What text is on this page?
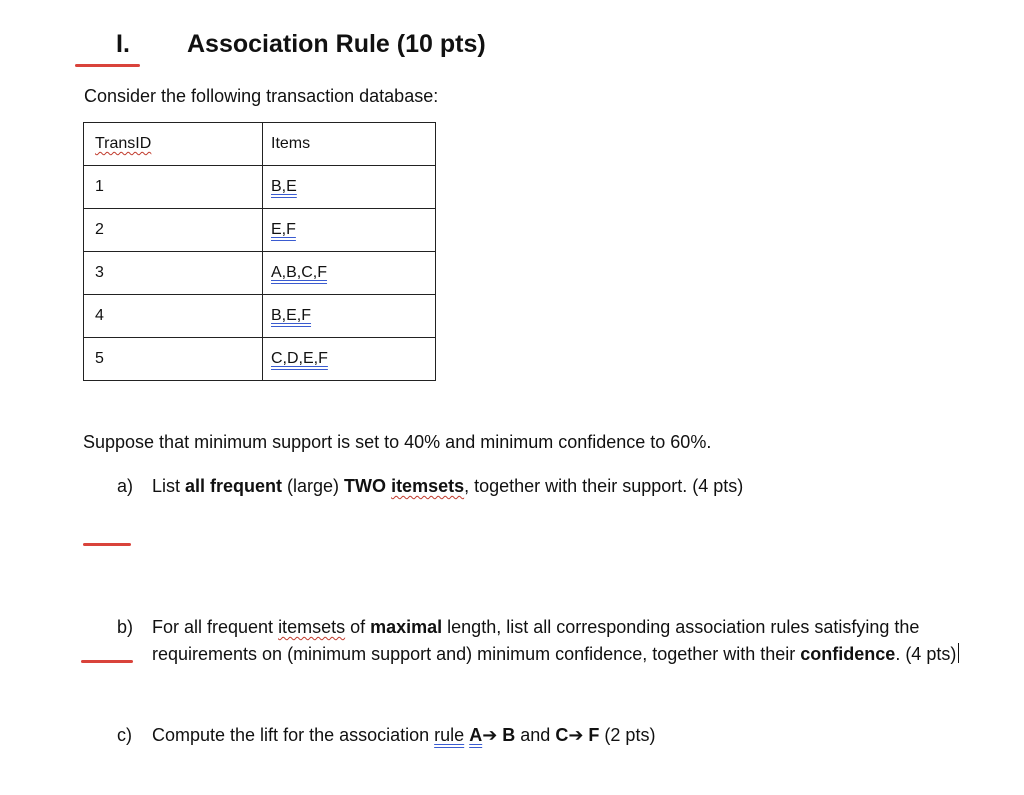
I. Association Rule (10 pts)
Consider the following transaction database:
TransID	Items
1	B,E
2	E,F
3	A,B,C,F
4	B,E,F
5	C,D,E,F
Suppose that minimum support is set to 40% and minimum confidence to 60%.
a) List all frequent (large) TWO itemsets, together with their support. (4 pts)
b) For all frequent itemsets of maximal length, list all corresponding association rules satisfying the requirements on (minimum support and) minimum confidence, together with their confidence. (4 pts)
c) Compute the lift for the association rule A➔ B and C➔ F (2 pts)
